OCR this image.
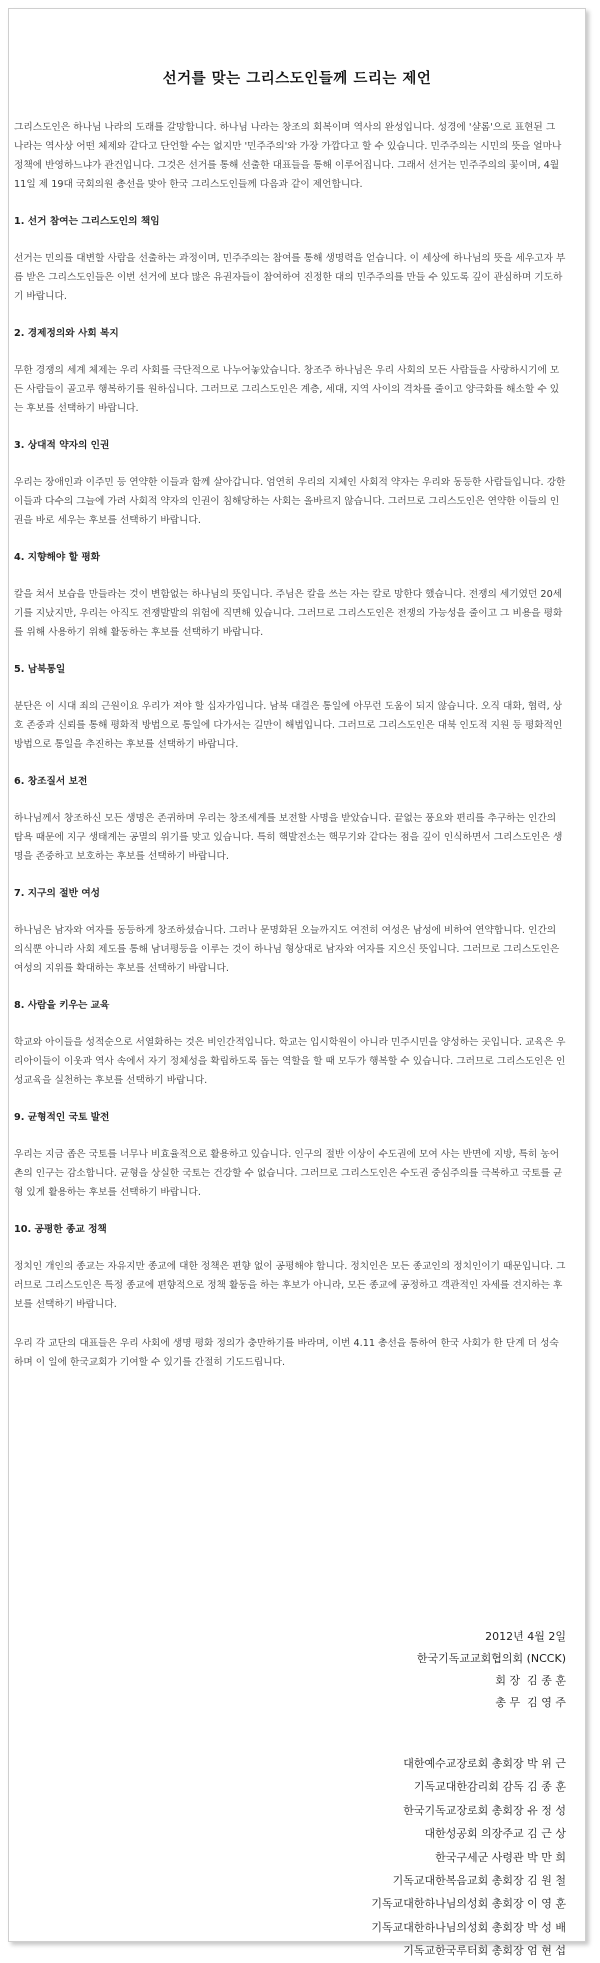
선거를 맞는 그리스도인들께 드리는 제언

그리스도인은 하나님 나라의 도래를 갈망합니다. 하나님 나라는 창조의 회복이며 역사의 완성입니다. 성경에 '샬롬'으로 표현된 그 나라는 역사상 어떤 체제와 같다고 단언할 수는 없지만 '민주주의'와 가장 가깝다고 할 수 있습니다. 민주주의는 시민의 뜻을 얼마나 정책에 반영하느냐가 관건입니다. 그것은 선거를 통해 선출한 대표들을 통해 이루어집니다. 그래서 선거는 민주주의의 꽃이며, 4월 11일 제 19대 국회의원 총선을 맞아 한국 그리스도인들께 다음과 같이 제언합니다.

1. 선거 참여는 그리스도인의 책임

선거는 민의를 대변할 사람을 선출하는 과정이며, 민주주의는 참여를 통해 생명력을 얻습니다. 이 세상에 하나님의 뜻을 세우고자 부름 받은 그리스도인들은 이번 선거에 보다 많은 유권자들이 참여하여 진정한 대의 민주주의를 만들 수 있도록 깊이 관심하며 기도하기 바랍니다.

2. 경제정의와 사회 복지

무한 경쟁의 세계 체제는 우리 사회를 극단적으로 나누어놓았습니다. 창조주 하나님은 우리 사회의 모든 사람들을 사랑하시기에 모든 사람들이 골고루 행복하기를 원하십니다. 그러므로 그리스도인은 계층, 세대, 지역 사이의 격차를 줄이고 양극화를 해소할 수 있는 후보를 선택하기 바랍니다.

3. 상대적 약자의 인권

우리는 장애인과 이주민 등 연약한 이들과 함께 살아갑니다. 엄연히 우리의 지체인 사회적 약자는 우리와 동등한 사람들입니다. 강한 이들과 다수의 그늘에 가려 사회적 약자의 인권이 침해당하는 사회는 올바르지 않습니다. 그러므로 그리스도인은 연약한 이들의 인권을 바로 세우는 후보를 선택하기 바랍니다.

4. 지향해야 할 평화

칼을 쳐서 보습을 만들라는 것이 변함없는 하나님의 뜻입니다. 주님은 칼을 쓰는 자는 칼로 망한다 했습니다. 전쟁의 세기였던 20세기를 지났지만, 우리는 아직도 전쟁발발의 위험에 직면해 있습니다. 그러므로 그리스도인은 전쟁의 가능성을 줄이고 그 비용을 평화를 위해 사용하기 위해 활동하는 후보를 선택하기 바랍니다.

5. 남북통일

분단은 이 시대 죄의 근원이요 우리가 져야 할 십자가입니다. 남북 대결은 통일에 아무런 도움이 되지 않습니다. 오직 대화, 협력, 상호 존중과 신뢰를 통해 평화적 방법으로 통일에 다가서는 길만이 해법입니다. 그러므로 그리스도인은 대북 인도적 지원 등 평화적인 방법으로 통일을 추진하는 후보를 선택하기 바랍니다.

6. 창조질서 보전

하나님께서 창조하신 모든 생명은 존귀하며 우리는 창조세계를 보전할 사명을 받았습니다. 끝없는 풍요와 편리를 추구하는 인간의 탐욕 때문에 지구 생태계는 공멸의 위기를 맞고 있습니다. 특히 핵발전소는 핵무기와 같다는 점을 깊이 인식하면서 그리스도인은 생명을 존중하고 보호하는 후보를 선택하기 바랍니다.

7. 지구의 절반 여성

하나님은 남자와 여자를 동등하게 창조하셨습니다. 그러나 문명화된 오늘까지도 여전히 여성은 남성에 비하여 연약합니다. 인간의 의식뿐 아니라 사회 제도를 통해 남녀평등을 이루는 것이 하나님 형상대로 남자와 여자를 지으신 뜻입니다. 그러므로 그리스도인은 여성의 지위를 확대하는 후보를 선택하기 바랍니다.

8. 사람을 키우는 교육

학교와 아이들을 성적순으로 서열화하는 것은 비인간적입니다. 학교는 입시학원이 아니라 민주시민을 양성하는 곳입니다. 교육은 우리아이들이 이웃과 역사 속에서 자기 정체성을 확립하도록 돕는 역할을 할 때 모두가 행복할 수 있습니다. 그러므로 그리스도인은 인성교육을 실천하는 후보를 선택하기 바랍니다.

9. 균형적인 국토 발전

우리는 지금 좁은 국토를 너무나 비효율적으로 활용하고 있습니다. 인구의 절반 이상이 수도권에 모여 사는 반면에 지방, 특히 농어촌의 인구는 감소합니다. 균형을 상실한 국토는 건강할 수 없습니다. 그러므로 그리스도인은 수도권 중심주의를 극복하고 국토를 균형 있게 활용하는 후보를 선택하기 바랍니다.

10. 공평한 종교 정책

정치인 개인의 종교는 자유지만 종교에 대한 정책은 편향 없이 공평해야 합니다. 정치인은 모든 종교인의 정치인이기 때문입니다. 그러므로 그리스도인은 특정 종교에 편향적으로 정책 활동을 하는 후보가 아니라, 모든 종교에 공정하고 객관적인 자세를 견지하는 후보를 선택하기 바랍니다.

우리 각 교단의 대표들은 우리 사회에 생명 평화 정의가 충만하기를 바라며, 이번 4.11 총선을 통하여 한국 사회가 한 단계 더 성숙하며 이 일에 한국교회가 기여할 수 있기를 간절히 기도드립니다.

2012년 4월 2일
한국기독교교회협의회 (NCCK)
회 장  김 종 훈
총 무  김 영 주
대한예수교장로회 총회장 박 위 근
기독교대한감리회 감독 김 종 훈
한국기독교장로회 총회장 유 정 성
대한성공회 의장주교 김 근 상
한국구세군 사령관 박 만 희
기독교대한복음교회 총회장 김 원 철
기독교대한하나님의성회 총회장 이 영 훈
기독교대한하나님의성회 총회장 박 성 배
기독교한국루터회 총회장 엄 현 섭
